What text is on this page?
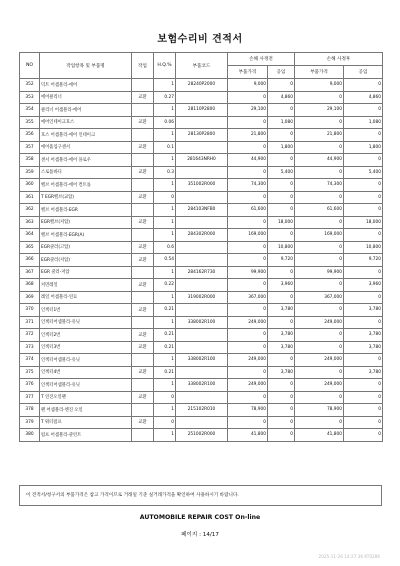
보험수리비 견적서
NO	작업항목 및 부품명	작업	H.Q.%	부품코드	손해 사정전		손해 사정후	
					부품가격	공임	부품가격	공임
352	덕트 어셈블리-에어		1	28240P2000	9,000	0	9,000	0
353	에어클리너	교환	0.27		0	4,860	0	4,860
354	클리너 어셈블리-에어		1	28110P2800	29,100	0	29,100	0
355	에어인테이크호스	교환	0.06		0	1,080	0	1,080
356	호스 어셈블리-에어 인테이크		1	28130P2800	21,800	0	21,800	0
357	에어흡입구센서	교환	0.1		0	1,800	0	1,800
358	센서 어셈블리-에어 플로우		1	281643NRH0	44,900	0	44,900	0
359	스로틀바디	교환	0.3		0	5,400	0	5,400
360	벨브 어셈블리-에어 컨트롤		1	351002R000	74,300	0	74,300	0
361	T EGR밸브(교압)	교환	0		0	0	0	0
362	벨브 어셈블리-EGR		1	284103NFB0	61,600	0	61,600	0
363	EGR밸브(저압)	교환	1		0	18,000	0	18,000
364	벨브 어셈블리-EGR(A)		1	284302R000	169,000	0	169,000	0
365	EGR쿨러(고압)	교환	0.6		0	10,800	0	10,800
366	EGR쿨러(저압)	교환	0.54		0	9,720	0	9,720
367	EGR 쿨러-저압		1	284162R730	99,900	0	99,900	0
368	커먼레일	교환	0.22		0	3,960	0	3,960
369	레일 어셈블리-연료		1	319002R000	367,000	0	367,000	0
370	인젝터1번	교환	0.21		0	3,780	0	3,780
371	인젝터어셈블리-유닛		1	338002R100	249,000	0	249,000	0
372	인젝터2번	교환	0.21		0	3,780	0	3,780
373	인젝터3번	교환	0.21		0	3,780	0	3,780
374	인젝터어셈블리-유닛		1	338002R100	249,000	0	249,000	0
375	인젝터4번	교환	0.21		0	3,780	0	3,780
376	인젝터어셈블리-유닛		1	338002R100	249,000	0	249,000	0
377	T 연진오일팬	교환	0		0	0	0	0
378	팬 어셈블리-엔진 오일		1	215102R010	78,900	0	78,900	0
379	T 워터펌프	교환	0		0	0	0	0
380	펌프 어셈블리-쿨런트		1	251002R000	41,800	0	41,800	0
이 견적서/청구서의 부품가격은 참고 가격이므로 거래일 기준 실거래가격을 확인하여 사용하시기 바랍니다.
AUTOMOBILE REPAIR COST On-line
페이지 : 14/17
2025-11-26 14:27:36 KT0286
